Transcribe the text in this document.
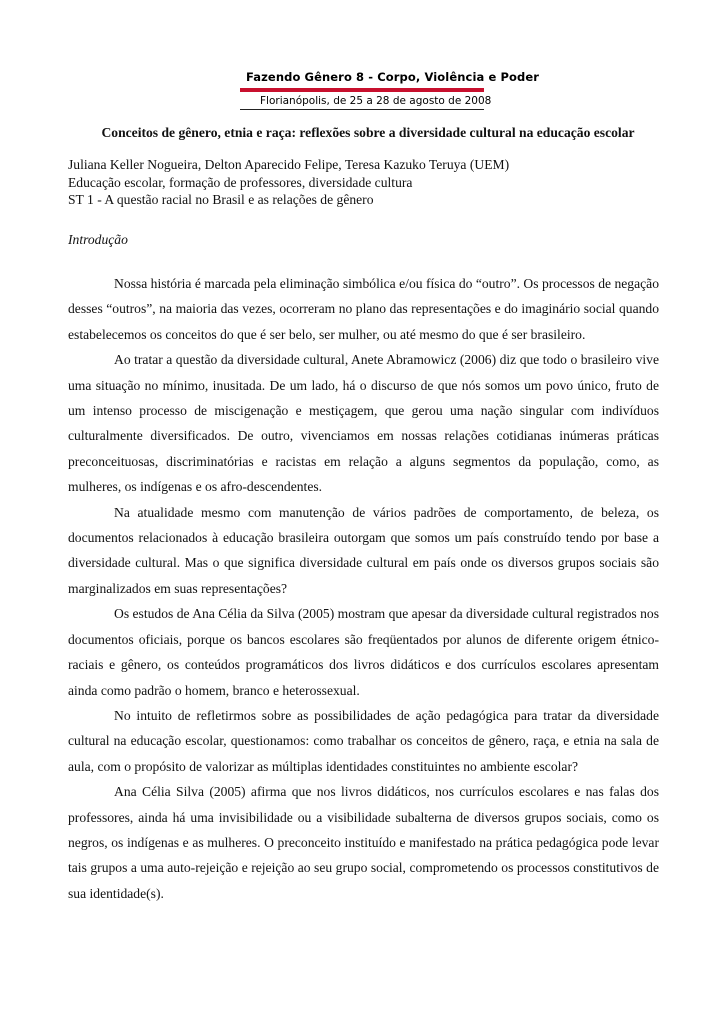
Fazendo Gênero 8 - Corpo, Violência e Poder
Florianópolis, de 25 a 28 de agosto de 2008
Conceitos de gênero, etnia e raça: reflexões sobre a diversidade cultural na educação escolar
Juliana Keller Nogueira, Delton Aparecido Felipe, Teresa Kazuko Teruya (UEM)
Educação escolar, formação de professores, diversidade cultura
ST 1 - A questão racial no Brasil e as relações de gênero
Introdução

Nossa história é marcada pela eliminação simbólica e/ou física do “outro”. Os processos de negação desses “outros”, na maioria das vezes, ocorreram no plano das representações e do imaginário social quando estabelecemos os conceitos do que é ser belo, ser mulher, ou até mesmo do que é ser brasileiro.

Ao tratar a questão da diversidade cultural, Anete Abramowicz (2006) diz que todo o brasileiro vive uma situação no mínimo, inusitada. De um lado, há o discurso de que nós somos um povo único, fruto de um intenso processo de miscigenação e mestiçagem, que gerou uma nação singular com indivíduos culturalmente diversificados. De outro, vivenciamos em nossas relações cotidianas inúmeras práticas preconceituosas, discriminatórias e racistas em relação a alguns segmentos da população, como, as mulheres, os indígenas e os afro-descendentes.

Na atualidade mesmo com manutenção de vários padrões de comportamento, de beleza, os documentos relacionados à educação brasileira outorgam que somos um país construído tendo por base a diversidade cultural. Mas o que significa diversidade cultural em país onde os diversos grupos sociais são marginalizados em suas representações?

Os estudos de Ana Célia da Silva (2005) mostram que apesar da diversidade cultural registrados nos documentos oficiais, porque os bancos escolares são freqüentados por alunos de diferente origem étnico-raciais e gênero, os conteúdos programáticos dos livros didáticos e dos currículos escolares apresentam ainda como padrão o homem, branco e heterossexual.

No intuito de refletirmos sobre as possibilidades de ação pedagógica para tratar da diversidade cultural na educação escolar, questionamos: como trabalhar os conceitos de gênero, raça, e etnia na sala de aula, com o propósito de valorizar as múltiplas identidades constituintes no ambiente escolar?

Ana Célia Silva (2005) afirma que nos livros didáticos, nos currículos escolares e nas falas dos professores, ainda há uma invisibilidade ou a visibilidade subalterna de diversos grupos sociais, como os negros, os indígenas e as mulheres. O preconceito instituído e manifestado na prática pedagógica pode levar tais grupos a uma auto-rejeição e rejeição ao seu grupo social, comprometendo os processos constitutivos de sua identidade(s).
